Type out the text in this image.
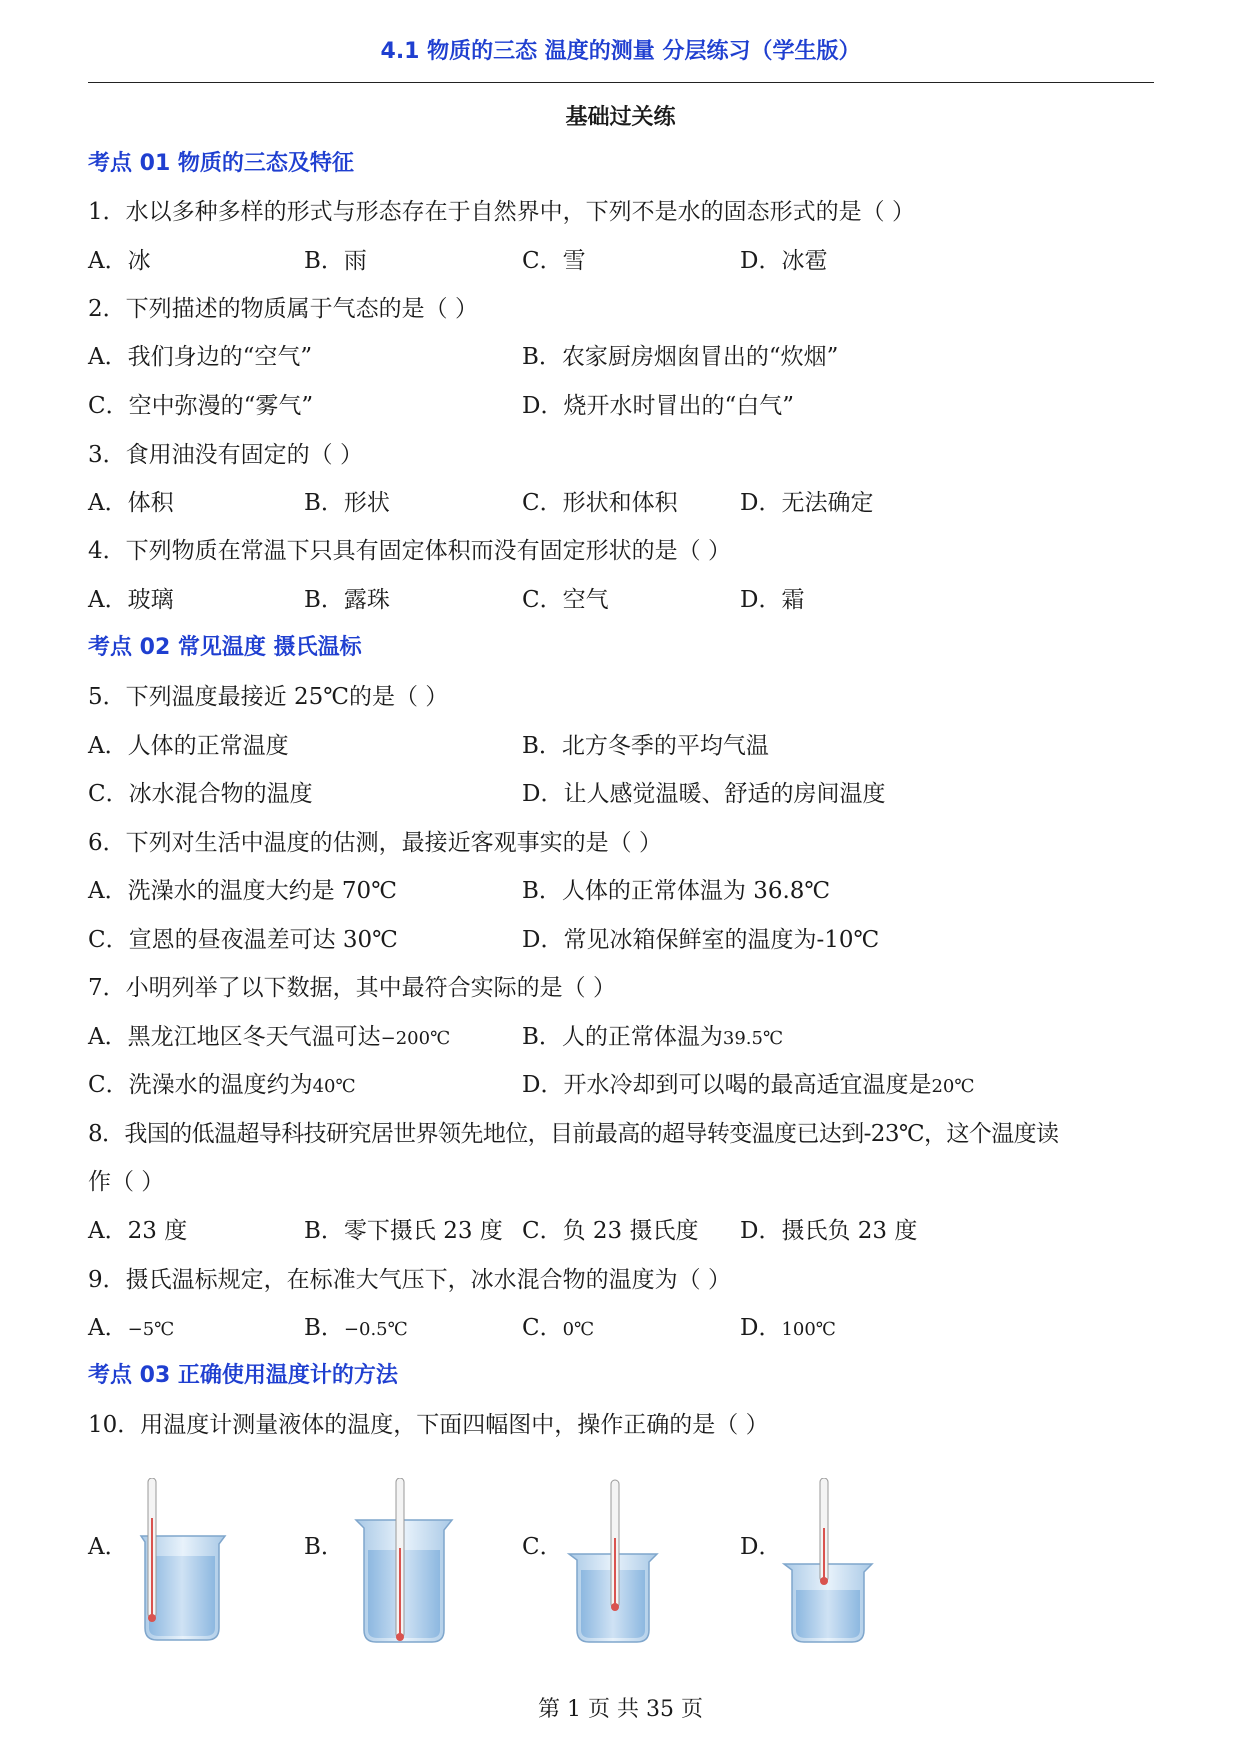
4.1 物质的三态 温度的测量 分层练习（学生版）
基础过关练
考点 01 物质的三态及特征
1．水以多种多样的形式与形态存在于自然界中，下列不是水的固态形式的是（ ）
A．冰	B．雨	C．雪	D．冰雹
2．下列描述的物质属于气态的是（ ）
A．我们身边的“空气”	B．农家厨房烟囱冒出的“炊烟”
C．空中弥漫的“雾气”	D．烧开水时冒出的“白气”
3．食用油没有固定的（ ）
A．体积	B．形状	C．形状和体积	D．无法确定
4．下列物质在常温下只具有固定体积而没有固定形状的是（ ）
A．玻璃	B．露珠	C．空气	D．霜
考点 02 常见温度 摄氏温标
5．下列温度最接近 25℃的是（ ）
A．人体的正常温度	B．北方冬季的平均气温
C．冰水混合物的温度	D．让人感觉温暖、舒适的房间温度
6．下列对生活中温度的估测，最接近客观事实的是（ ）
A．洗澡水的温度大约是 70℃	B．人体的正常体温为 36.8℃
C．宣恩的昼夜温差可达 30℃	D．常见冰箱保鲜室的温度为-10℃
7．小明列举了以下数据，其中最符合实际的是（ ）
A．黑龙江地区冬天气温可达−200℃	B．人的正常体温为39.5℃
C．洗澡水的温度约为40℃	D．开水冷却到可以喝的最高适宜温度是20℃
8．我国的低温超导科技研究居世界领先地位，目前最高的超导转变温度已达到-23℃，这个温度读
作（ ）
A．23 度	B．零下摄氏 23 度 C．负 23 摄氏度 D．摄氏负 23 度
9．摄氏温标规定，在标准大气压下，冰水混合物的温度为（ ）
A．−5℃	B．−0.5℃	C．0℃	D．100℃
考点 03 正确使用温度计的方法
10．用温度计测量液体的温度，下面四幅图中，操作正确的是（ ）
A．	B．	C．	D．
第 1 页 共 35 页
